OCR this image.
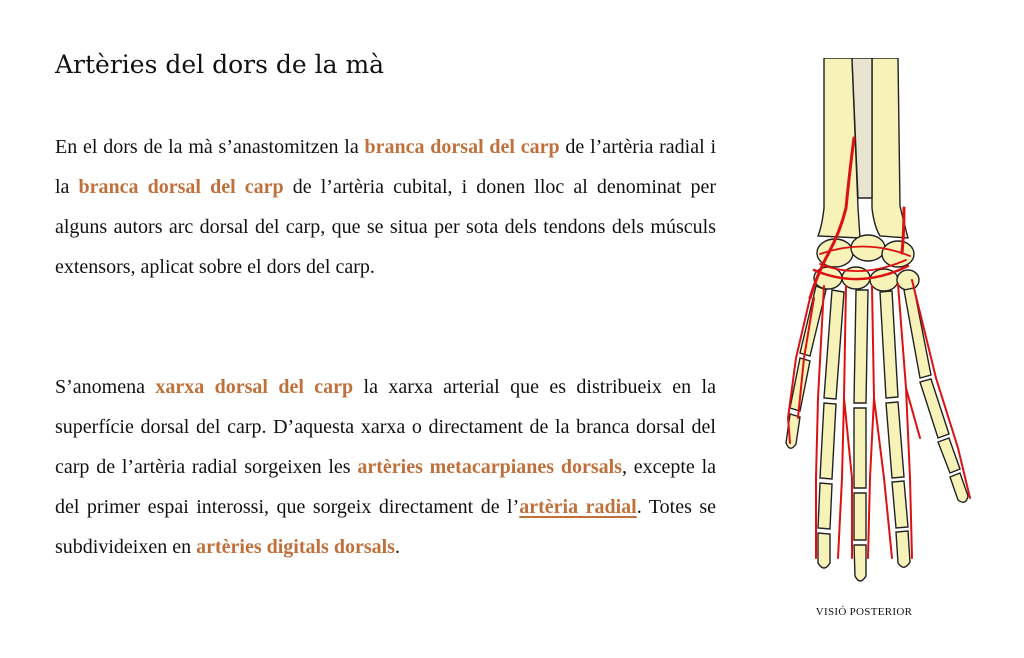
Artèries del dors de la mà

En el dors de la mà s’anastomitzen la branca dorsal del carp de l’artèria radial i la branca dorsal del carp de l’artèria cubital, i donen lloc al denominat per alguns autors arc dorsal del carp, que se situa per sota dels tendons dels músculs extensors, aplicat sobre el dors del carp.

S’anomena xarxa dorsal del carp la xarxa arterial que es distribueix en la superfície dorsal del carp. D’aquesta xarxa o directament de la branca dorsal del carp de l’artèria radial sorgeixen les artèries metacarpianes dorsals, excepte la del primer espai interossi, que sorgeix directament de l’artèria radial. Totes se subdivideixen en artèries digitals dorsals.

VISIÓ POSTERIOR
